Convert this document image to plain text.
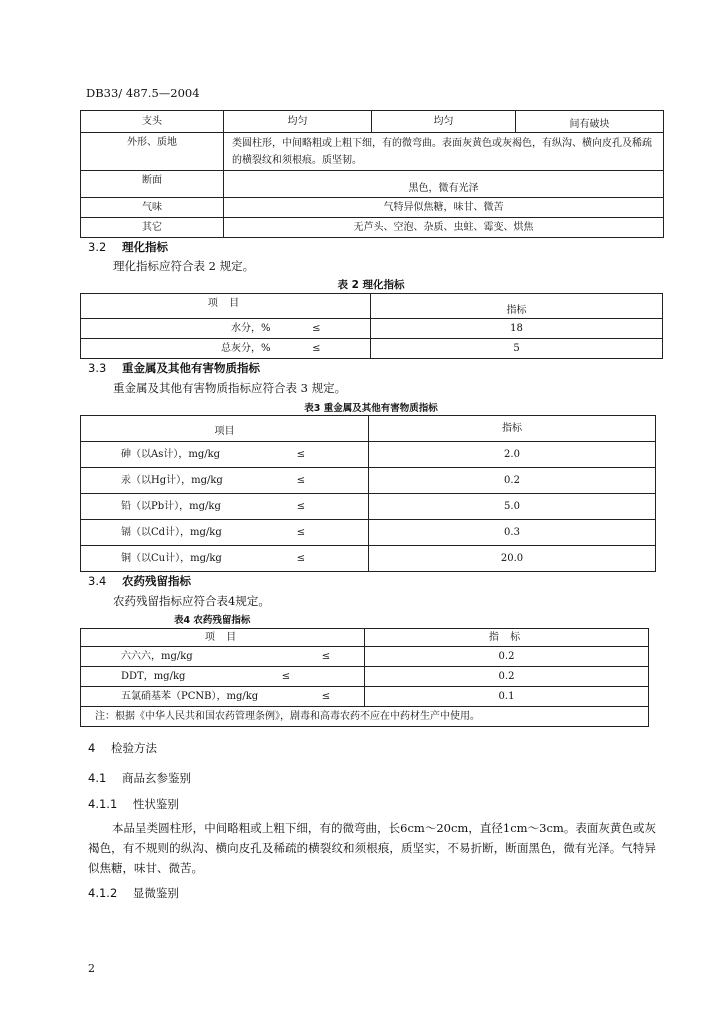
DB33/ 487.5—2004
支头	均匀	均匀	间有破块
外形、质地	类圆柱形，中间略粗或上粗下细，有的微弯曲。表面灰黄色或灰褐色，有纵沟、横向皮孔及稀疏的横裂纹和须根痕。质坚韧。		
断面	黑色，微有光泽		
气味	气特异似焦糖，味甘、微苦		
其它	无芦头、空泡、杂质、虫蛀、霉变、烘焦		
3.2 理化指标
理化指标应符合表 2 规定。
表 2 理化指标
项 目	指标
水分，% ≤	18
总灰分，% ≤	5
3.3 重金属及其他有害物质指标
重金属及其他有害物质指标应符合表 3 规定。
表3 重金属及其他有害物质指标
项目	指标
砷（以As计），mg/kg ≤	2.0
汞（以Hg计），mg/kg ≤	0.2
铅（以Pb计），mg/kg ≤	5.0
镉（以Cd计），mg/kg ≤	0.3
铜（以Cu计），mg/kg ≤	20.0
3.4 农药残留指标
农药残留指标应符合表4规定。
表4 农药残留指标
项 目	指 标
六六六，mg/kg ≤	0.2
DDT，mg/kg ≤	0.2
五氯硝基苯（PCNB），mg/kg ≤	0.1
注：根据《中华人民共和国农药管理条例》，剧毒和高毒农药不应在中药材生产中使用。	
4 检验方法
4.1 商品玄参鉴别
4.1.1 性状鉴别
本品呈类圆柱形，中间略粗或上粗下细，有的微弯曲，长6cm～20cm，直径1cm～3cm。表面灰黄色或灰褐色，有不规则的纵沟、横向皮孔及稀疏的横裂纹和须根痕，质坚实，不易折断，断面黑色，微有光泽。气特异似焦糖，味甘、微苦。
4.1.2 显微鉴别
2
